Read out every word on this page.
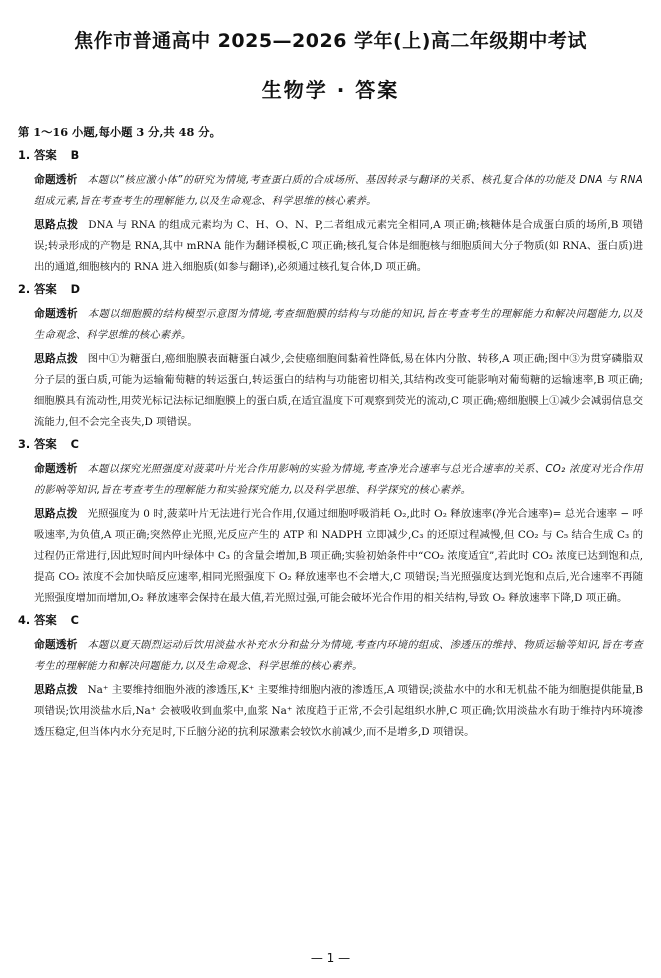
焦作市普通高中 2025—2026 学年(上)高二年级期中考试
生物学 · 答案

第 1～16 小题,每小题 3 分,共 48 分。

1. 答案 B

命题透析 本题以“核应激小体”的研究为情境,考查蛋白质的合成场所、基因转录与翻译的关系、核孔复合体的功能及 DNA 与 RNA 组成元素,旨在考查考生的理解能力,以及生命观念、科学思维的核心素养。

思路点拨 DNA 与 RNA 的组成元素均为 C、H、O、N、P,二者组成元素完全相同,A 项正确;核糖体是合成蛋白质的场所,B 项错误;转录形成的产物是 RNA,其中 mRNA 能作为翻译模板,C 项正确;核孔复合体是细胞核与细胞质间大分子物质(如 RNA、蛋白质)进出的通道,细胞核内的 RNA 进入细胞质(如参与翻译),必须通过核孔复合体,D 项正确。

2. 答案 D

命题透析 本题以细胞膜的结构模型示意图为情境,考查细胞膜的结构与功能的知识,旨在考查考生的理解能力和解决问题能力,以及生命观念、科学思维的核心素养。

思路点拨 图中①为糖蛋白,癌细胞膜表面糖蛋白减少,会使癌细胞间黏着性降低,易在体内分散、转移,A 项正确;图中③为贯穿磷脂双分子层的蛋白质,可能为运输葡萄糖的转运蛋白,转运蛋白的结构与功能密切相关,其结构改变可能影响对葡萄糖的运输速率,B 项正确;细胞膜具有流动性,用荧光标记法标记细胞膜上的蛋白质,在适宜温度下可观察到荧光的流动,C 项正确;癌细胞膜上①减少会减弱信息交流能力,但不会完全丧失,D 项错误。

3. 答案 C

命题透析 本题以探究光照强度对菠菜叶片光合作用影响的实验为情境,考查净光合速率与总光合速率的关系、CO₂ 浓度对光合作用的影响等知识,旨在考查考生的理解能力和实验探究能力,以及科学思维、科学探究的核心素养。

思路点拨 光照强度为 0 时,菠菜叶片无法进行光合作用,仅通过细胞呼吸消耗 O₂,此时 O₂ 释放速率(净光合速率)= 总光合速率 − 呼吸速率,为负值,A 项正确;突然停止光照,光反应产生的 ATP 和 NADPH 立即减少,C₃ 的还原过程减慢,但 CO₂ 与 C₅ 结合生成 C₃ 的过程仍正常进行,因此短时间内叶绿体中 C₃ 的含量会增加,B 项正确;实验初始条件中“CO₂ 浓度适宜”,若此时 CO₂ 浓度已达到饱和点,提高 CO₂ 浓度不会加快暗反应速率,相同光照强度下 O₂ 释放速率也不会增大,C 项错误;当光照强度达到光饱和点后,光合速率不再随光照强度增加而增加,O₂ 释放速率会保持在最大值,若光照过强,可能会破坏光合作用的相关结构,导致 O₂ 释放速率下降,D 项正确。

4. 答案 C

命题透析 本题以夏天剧烈运动后饮用淡盐水补充水分和盐分为情境,考查内环境的组成、渗透压的维持、物质运输等知识,旨在考查考生的理解能力和解决问题能力,以及生命观念、科学思维的核心素养。

思路点拨 Na⁺ 主要维持细胞外液的渗透压,K⁺ 主要维持细胞内液的渗透压,A 项错误;淡盐水中的水和无机盐不能为细胞提供能量,B 项错误;饮用淡盐水后,Na⁺ 会被吸收到血浆中,血浆 Na⁺ 浓度趋于正常,不会引起组织水肿,C 项正确;饮用淡盐水有助于维持内环境渗透压稳定,但当体内水分充足时,下丘脑分泌的抗利尿激素会较饮水前减少,而不是增多,D 项错误。

— 1 —
